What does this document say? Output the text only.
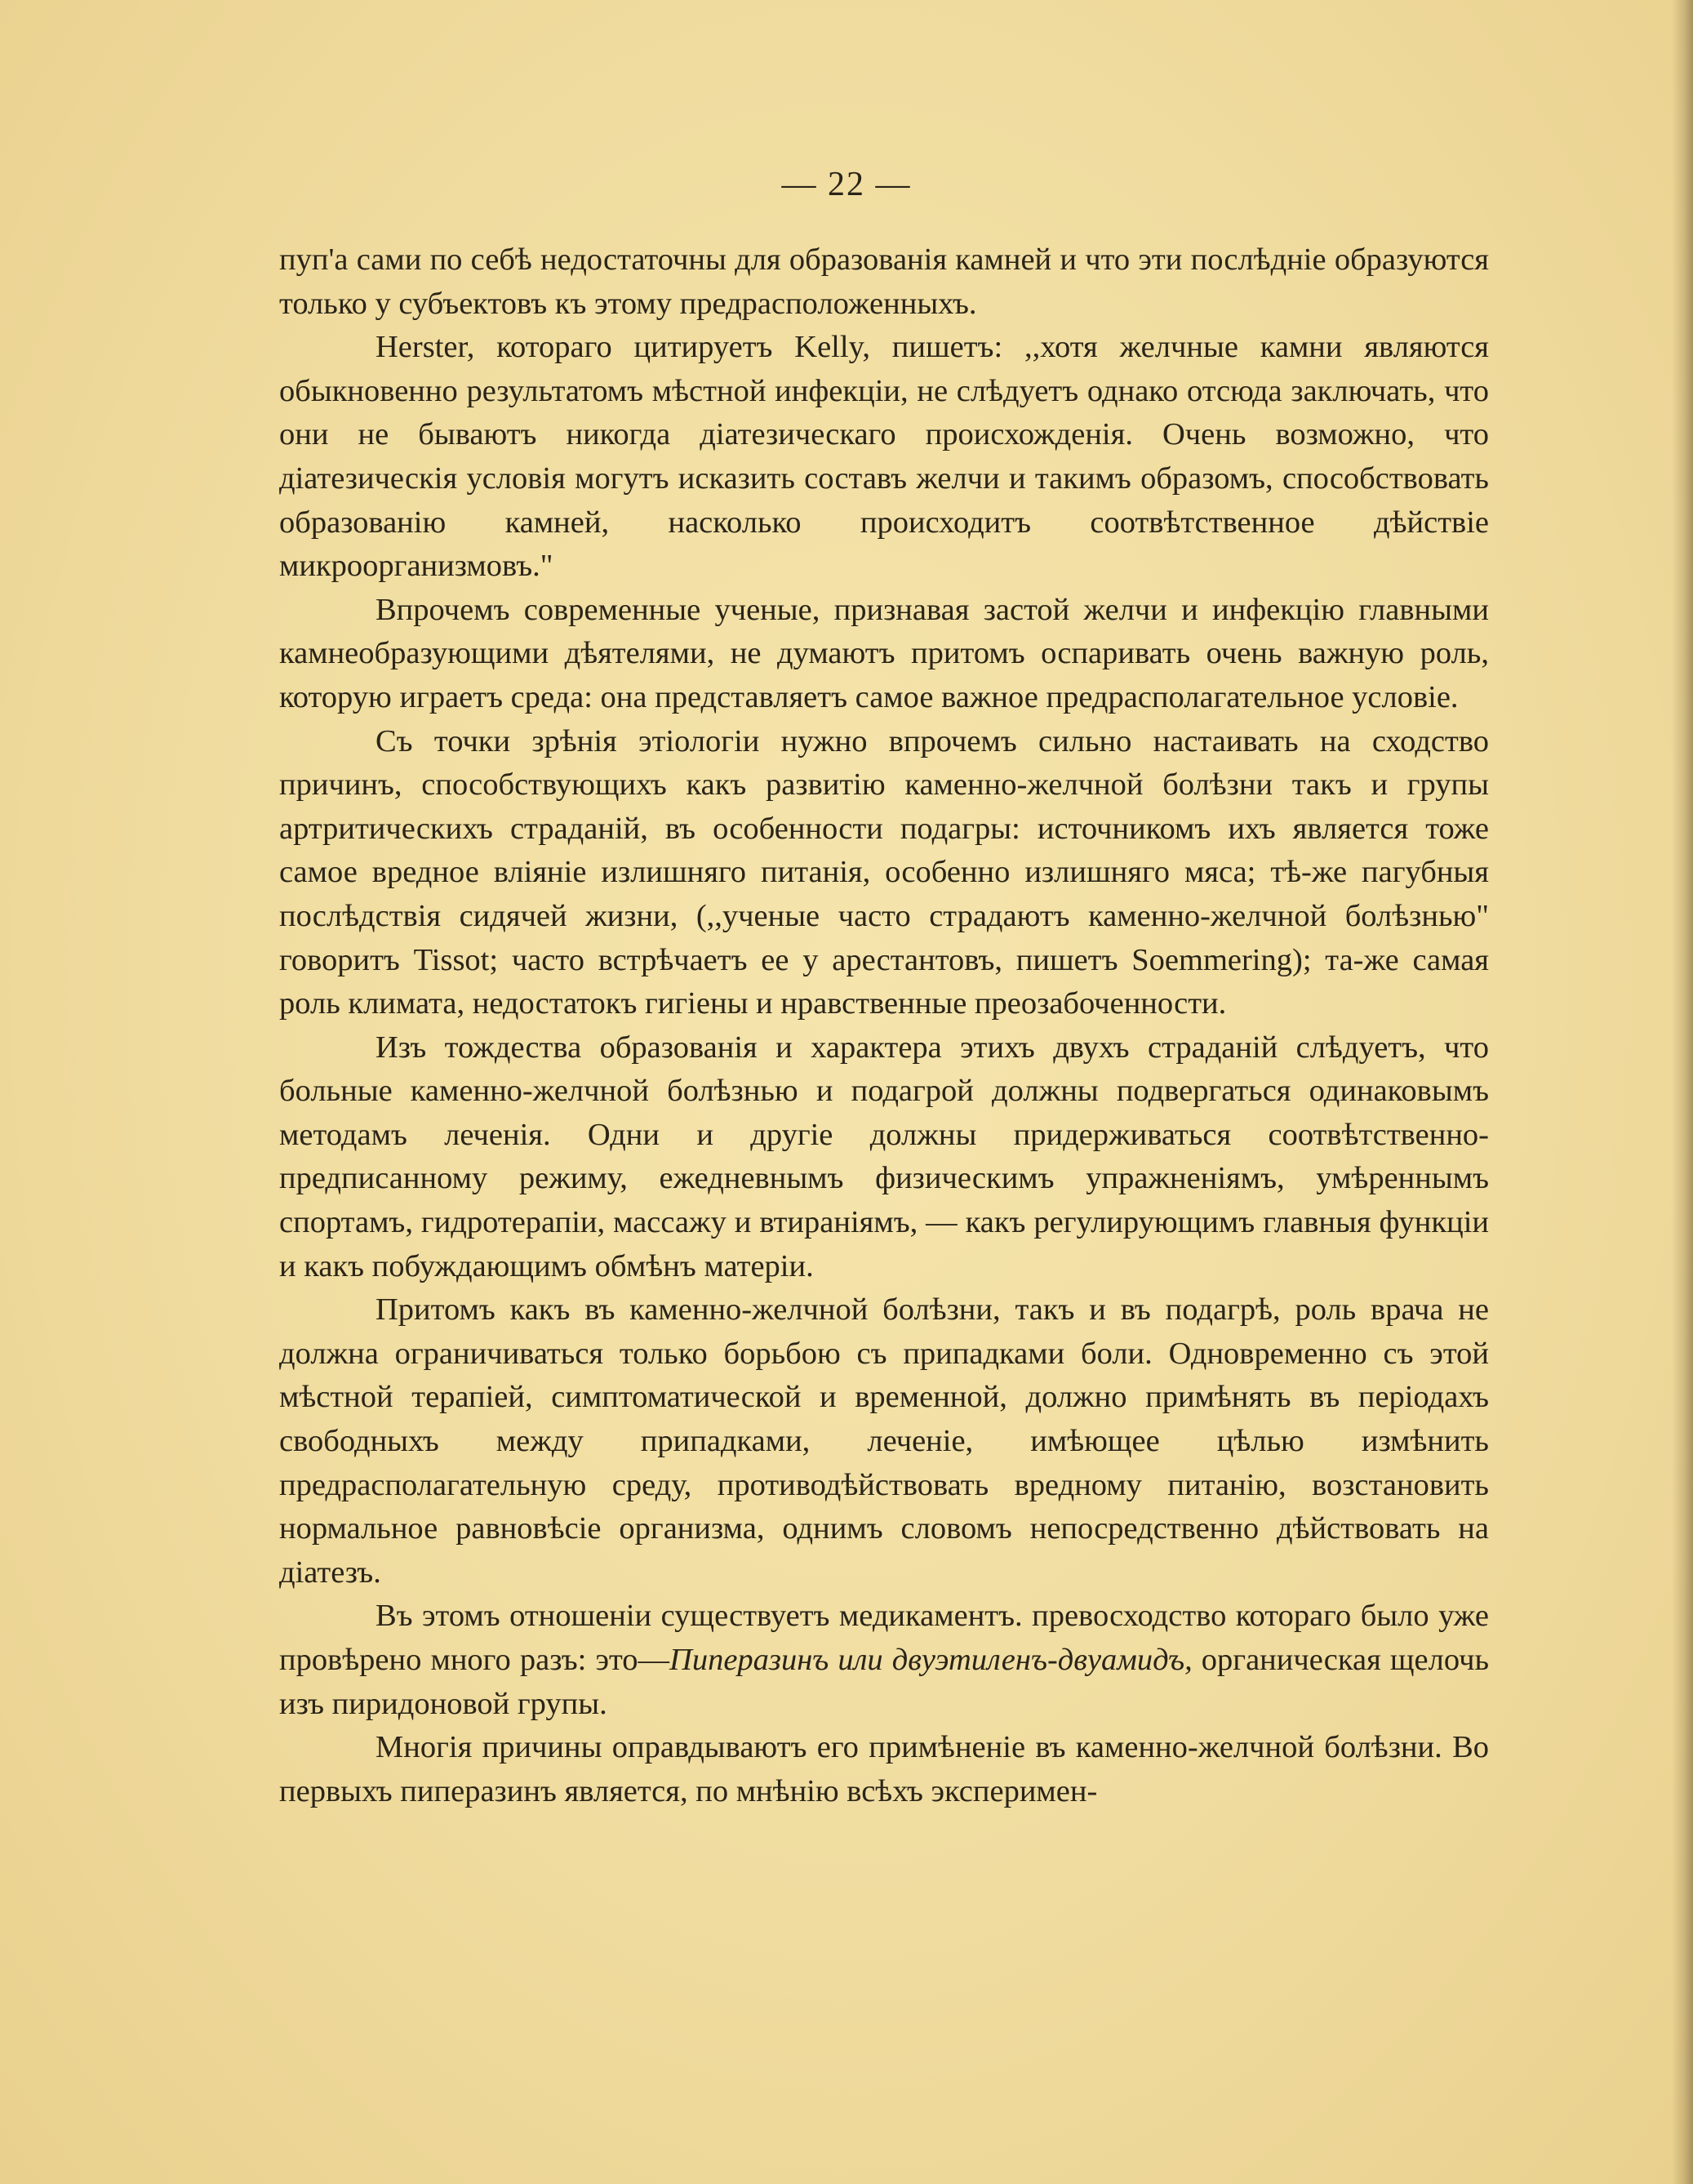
— 22 —

пуп'а сами по себѣ недостаточны для образованія камней и что эти послѣдніе образуются только у субъектовъ къ этому предрасположенныхъ.

Herster, котораго цитируетъ Kelly, пишетъ: ,,хотя желчные камни являются обыкновенно результатомъ мѣстной инфекціи, не слѣдуетъ однако отсюда заключать, что они не бываютъ никогда діатезическаго происхожденія. Очень возможно, что діатезическія условія могутъ исказить составъ желчи и такимъ образомъ, способствовать образованію камней, насколько происходитъ соотвѣтственное дѣйствіе микроорганизмовъ."

Впрочемъ современные ученые, признавая застой желчи и инфекцію главными камнеобразующими дѣятелями, не думаютъ притомъ оспаривать очень важную роль, которую играетъ среда: она представляетъ самое важное предрасполагательное условіе.

Съ точки зрѣнія этіологіи нужно впрочемъ сильно настаивать на сходство причинъ, способствующихъ какъ развитію каменно-желчной болѣзни такъ и групы артритическихъ страданій, въ особенности подагры: источникомъ ихъ является тоже самое вредное вліяніе излишняго питанія, особенно излишняго мяса; тѣ-же пагубныя послѣдствія сидячей жизни, (,,ученые часто страдаютъ каменно-желчной болѣзнью" говоритъ Tissot; часто встрѣчаетъ ее у арестантовъ, пишетъ Soemmering); та-же самая роль климата, недостатокъ гигіены и нравственные преозабоченности.

Изъ тождества образованія и характера этихъ двухъ страданій слѣдуетъ, что больные каменно-желчной болѣзнью и подагрой должны подвергаться одинаковымъ методамъ леченія. Одни и другіе должны придерживаться соотвѣтственно-предписанному режиму, ежедневнымъ физическимъ упражненіямъ, умѣреннымъ спортамъ, гидротерапіи, массажу и втираніямъ, — какъ регулирующимъ главныя функціи и какъ побуждающимъ обмѣнъ матеріи.

Притомъ какъ въ каменно-желчной болѣзни, такъ и въ подагрѣ, роль врача не должна ограничиваться только борьбою съ припадками боли. Одновременно съ этой мѣстной терапіей, симптоматической и временной, должно примѣнять въ періодахъ свободныхъ между припадками, леченіе, имѣющее цѣлью измѣнить предрасполагательную среду, противодѣйствовать вредному питанію, возстановить нормальное равновѣсіе организма, однимъ словомъ непосредственно дѣйствовать на діатезъ.

Въ этомъ отношеніи существуетъ медикаментъ. превосходство котораго было уже провѣрено много разъ: это—Пиперазинъ или двуэтиленъ-двуамидъ, органическая щелочь изъ пиридоновой групы.

Многія причины оправдываютъ его примѣненіе въ каменно-желчной болѣзни. Во первыхъ пиперазинъ является, по мнѣнію всѣхъ эксперимен-
